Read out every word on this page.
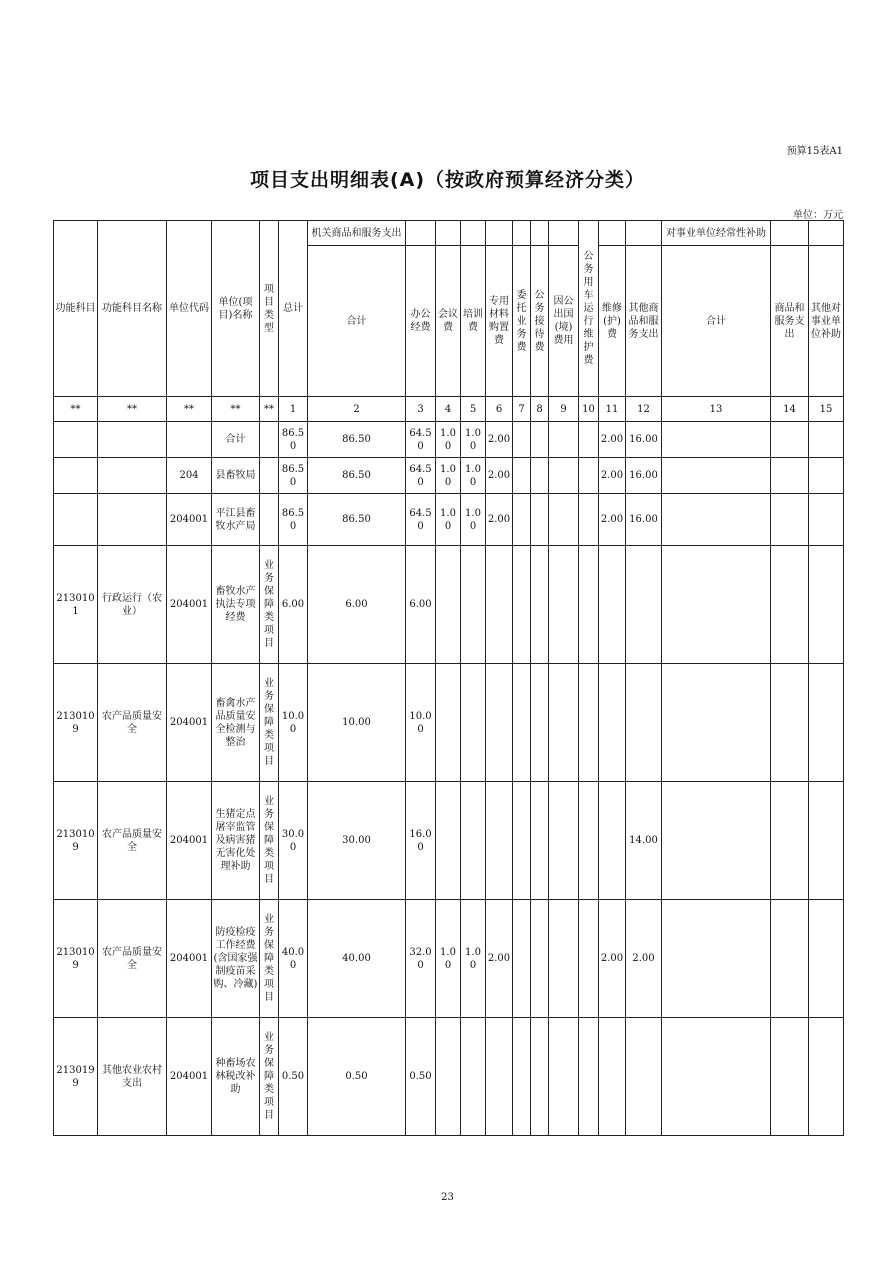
预算15表A1
项目支出明细表(A)（按政府预算经济分类）
单位：万元
功能科目	功能科目名称	单位代码	单位(项目)名称	项目类型	总计	机关商品和服务支出								公务用车运行维护费			对事业单位经常性补助		
						合计	办公经费	会议费	培训费	专用材料购置费	委托业务费	公务接待费	因公出国(境)费用		维修(护)费	其他商品和服务支出	合计	商品和服务支出	其他对事业单位补助
**	**	**	**	**	1	2	3	4	5	6	7	8	9	10	11	12	13	14	15
			合计		86.50	86.50	64.50	1.00	1.00	2.00					2.00	16.00			
		204	县畜牧局		86.50	86.50	64.50	1.00	1.00	2.00					2.00	16.00			
		204001	平江县畜牧水产局		86.50	86.50	64.50	1.00	1.00	2.00					2.00	16.00			
2130101	行政运行（农业）	204001	畜牧水产执法专项经费	业务保障类项目	6.00	6.00	6.00												
2130109	农产品质量安全	204001	畜禽水产品质量安全检测与整治	业务保障类项目	10.00	10.00	10.00												
2130109	农产品质量安全	204001	生猪定点屠宰监管及病害猪无害化处理补助	业务保障类项目	30.00	30.00	16.00									14.00			
2130109	农产品质量安全	204001	防疫检疫工作经费(含国家强制疫苗采购、冷藏)	业务保障类项目	40.00	40.00	32.00	1.00	1.00	2.00					2.00	2.00			
2130199	其他农业农村支出	204001	种畜场农林税改补助	业务保障类项目	0.50	0.50	0.50												
23
